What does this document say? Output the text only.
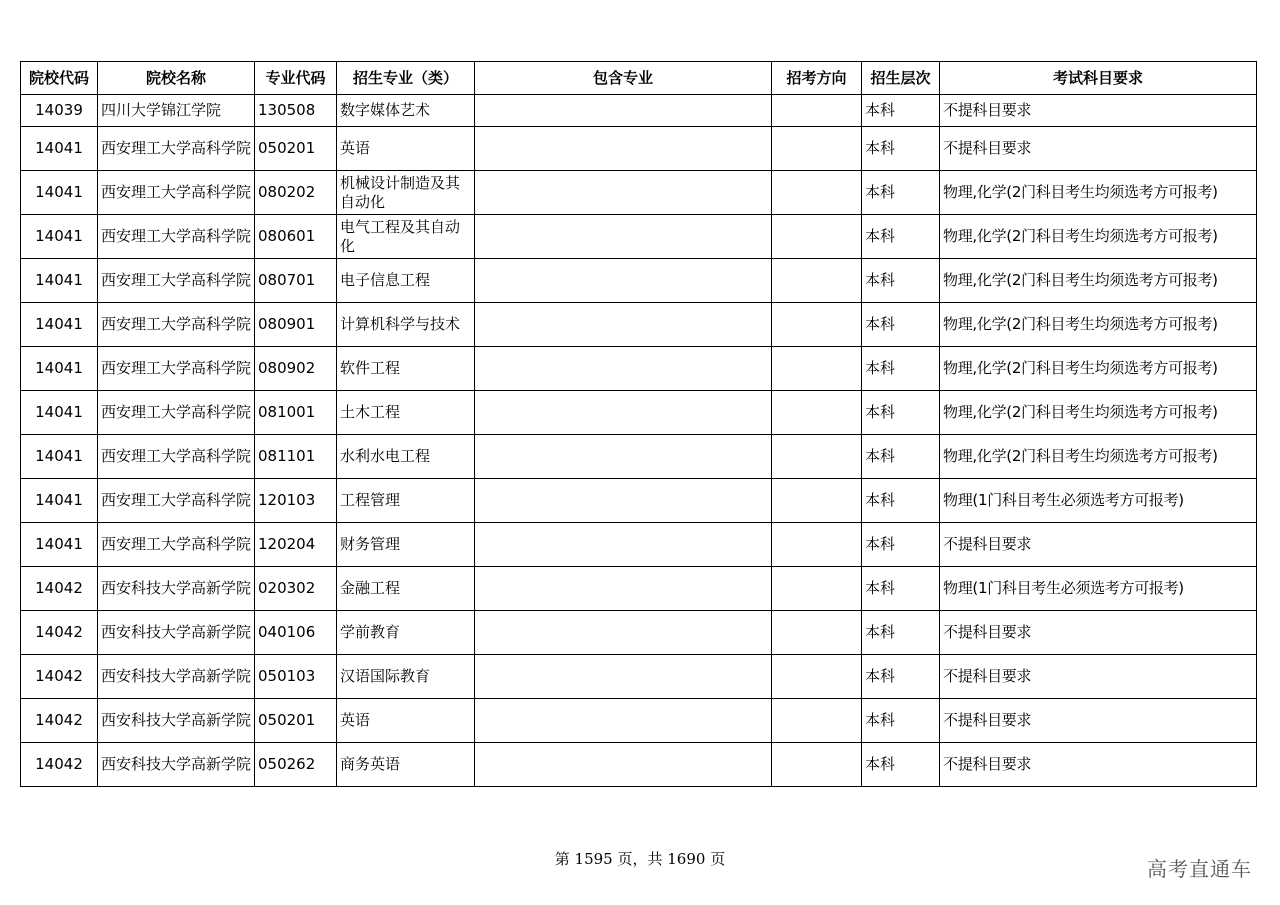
院校代码	院校名称	专业代码	招生专业（类）	包含专业	招考方向	招生层次	考试科目要求
14039	四川大学锦江学院	130508	数字媒体艺术			本科	不提科目要求
14041	西安理工大学高科学院	050201	英语			本科	不提科目要求
14041	西安理工大学高科学院	080202	机械设计制造及其自动化			本科	物理,化学(2门科目考生均须选考方可报考)
14041	西安理工大学高科学院	080601	电气工程及其自动化			本科	物理,化学(2门科目考生均须选考方可报考)
14041	西安理工大学高科学院	080701	电子信息工程			本科	物理,化学(2门科目考生均须选考方可报考)
14041	西安理工大学高科学院	080901	计算机科学与技术			本科	物理,化学(2门科目考生均须选考方可报考)
14041	西安理工大学高科学院	080902	软件工程			本科	物理,化学(2门科目考生均须选考方可报考)
14041	西安理工大学高科学院	081001	土木工程			本科	物理,化学(2门科目考生均须选考方可报考)
14041	西安理工大学高科学院	081101	水利水电工程			本科	物理,化学(2门科目考生均须选考方可报考)
14041	西安理工大学高科学院	120103	工程管理			本科	物理(1门科目考生必须选考方可报考)
14041	西安理工大学高科学院	120204	财务管理			本科	不提科目要求
14042	西安科技大学高新学院	020302	金融工程			本科	物理(1门科目考生必须选考方可报考)
14042	西安科技大学高新学院	040106	学前教育			本科	不提科目要求
14042	西安科技大学高新学院	050103	汉语国际教育			本科	不提科目要求
14042	西安科技大学高新学院	050201	英语			本科	不提科目要求
14042	西安科技大学高新学院	050262	商务英语			本科	不提科目要求
第 1595 页，共 1690 页	高考直通车
